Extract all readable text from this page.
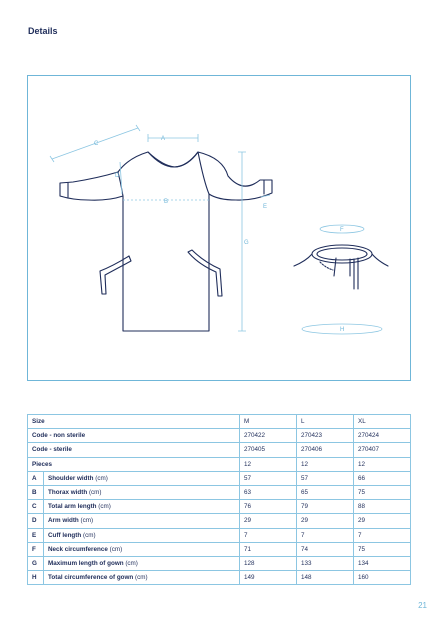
Details
A
B
C
D
E
F
G
H
Size		M	L	XL
Code - non sterile		270422	270423	270424
Code - sterile		270405	270406	270407
Pieces		12	12	12
A	Shoulder width (cm)	57	57	66
B	Thorax width (cm)	63	65	75
C	Total arm length (cm)	76	79	88
D	Arm width (cm)	29	29	29
E	Cuff length (cm)	7	7	7
F	Neck circumference (cm)	71	74	75
G	Maximum length of gown (cm)	128	133	134
H	Total circumference of gown (cm)	149	148	160
21
